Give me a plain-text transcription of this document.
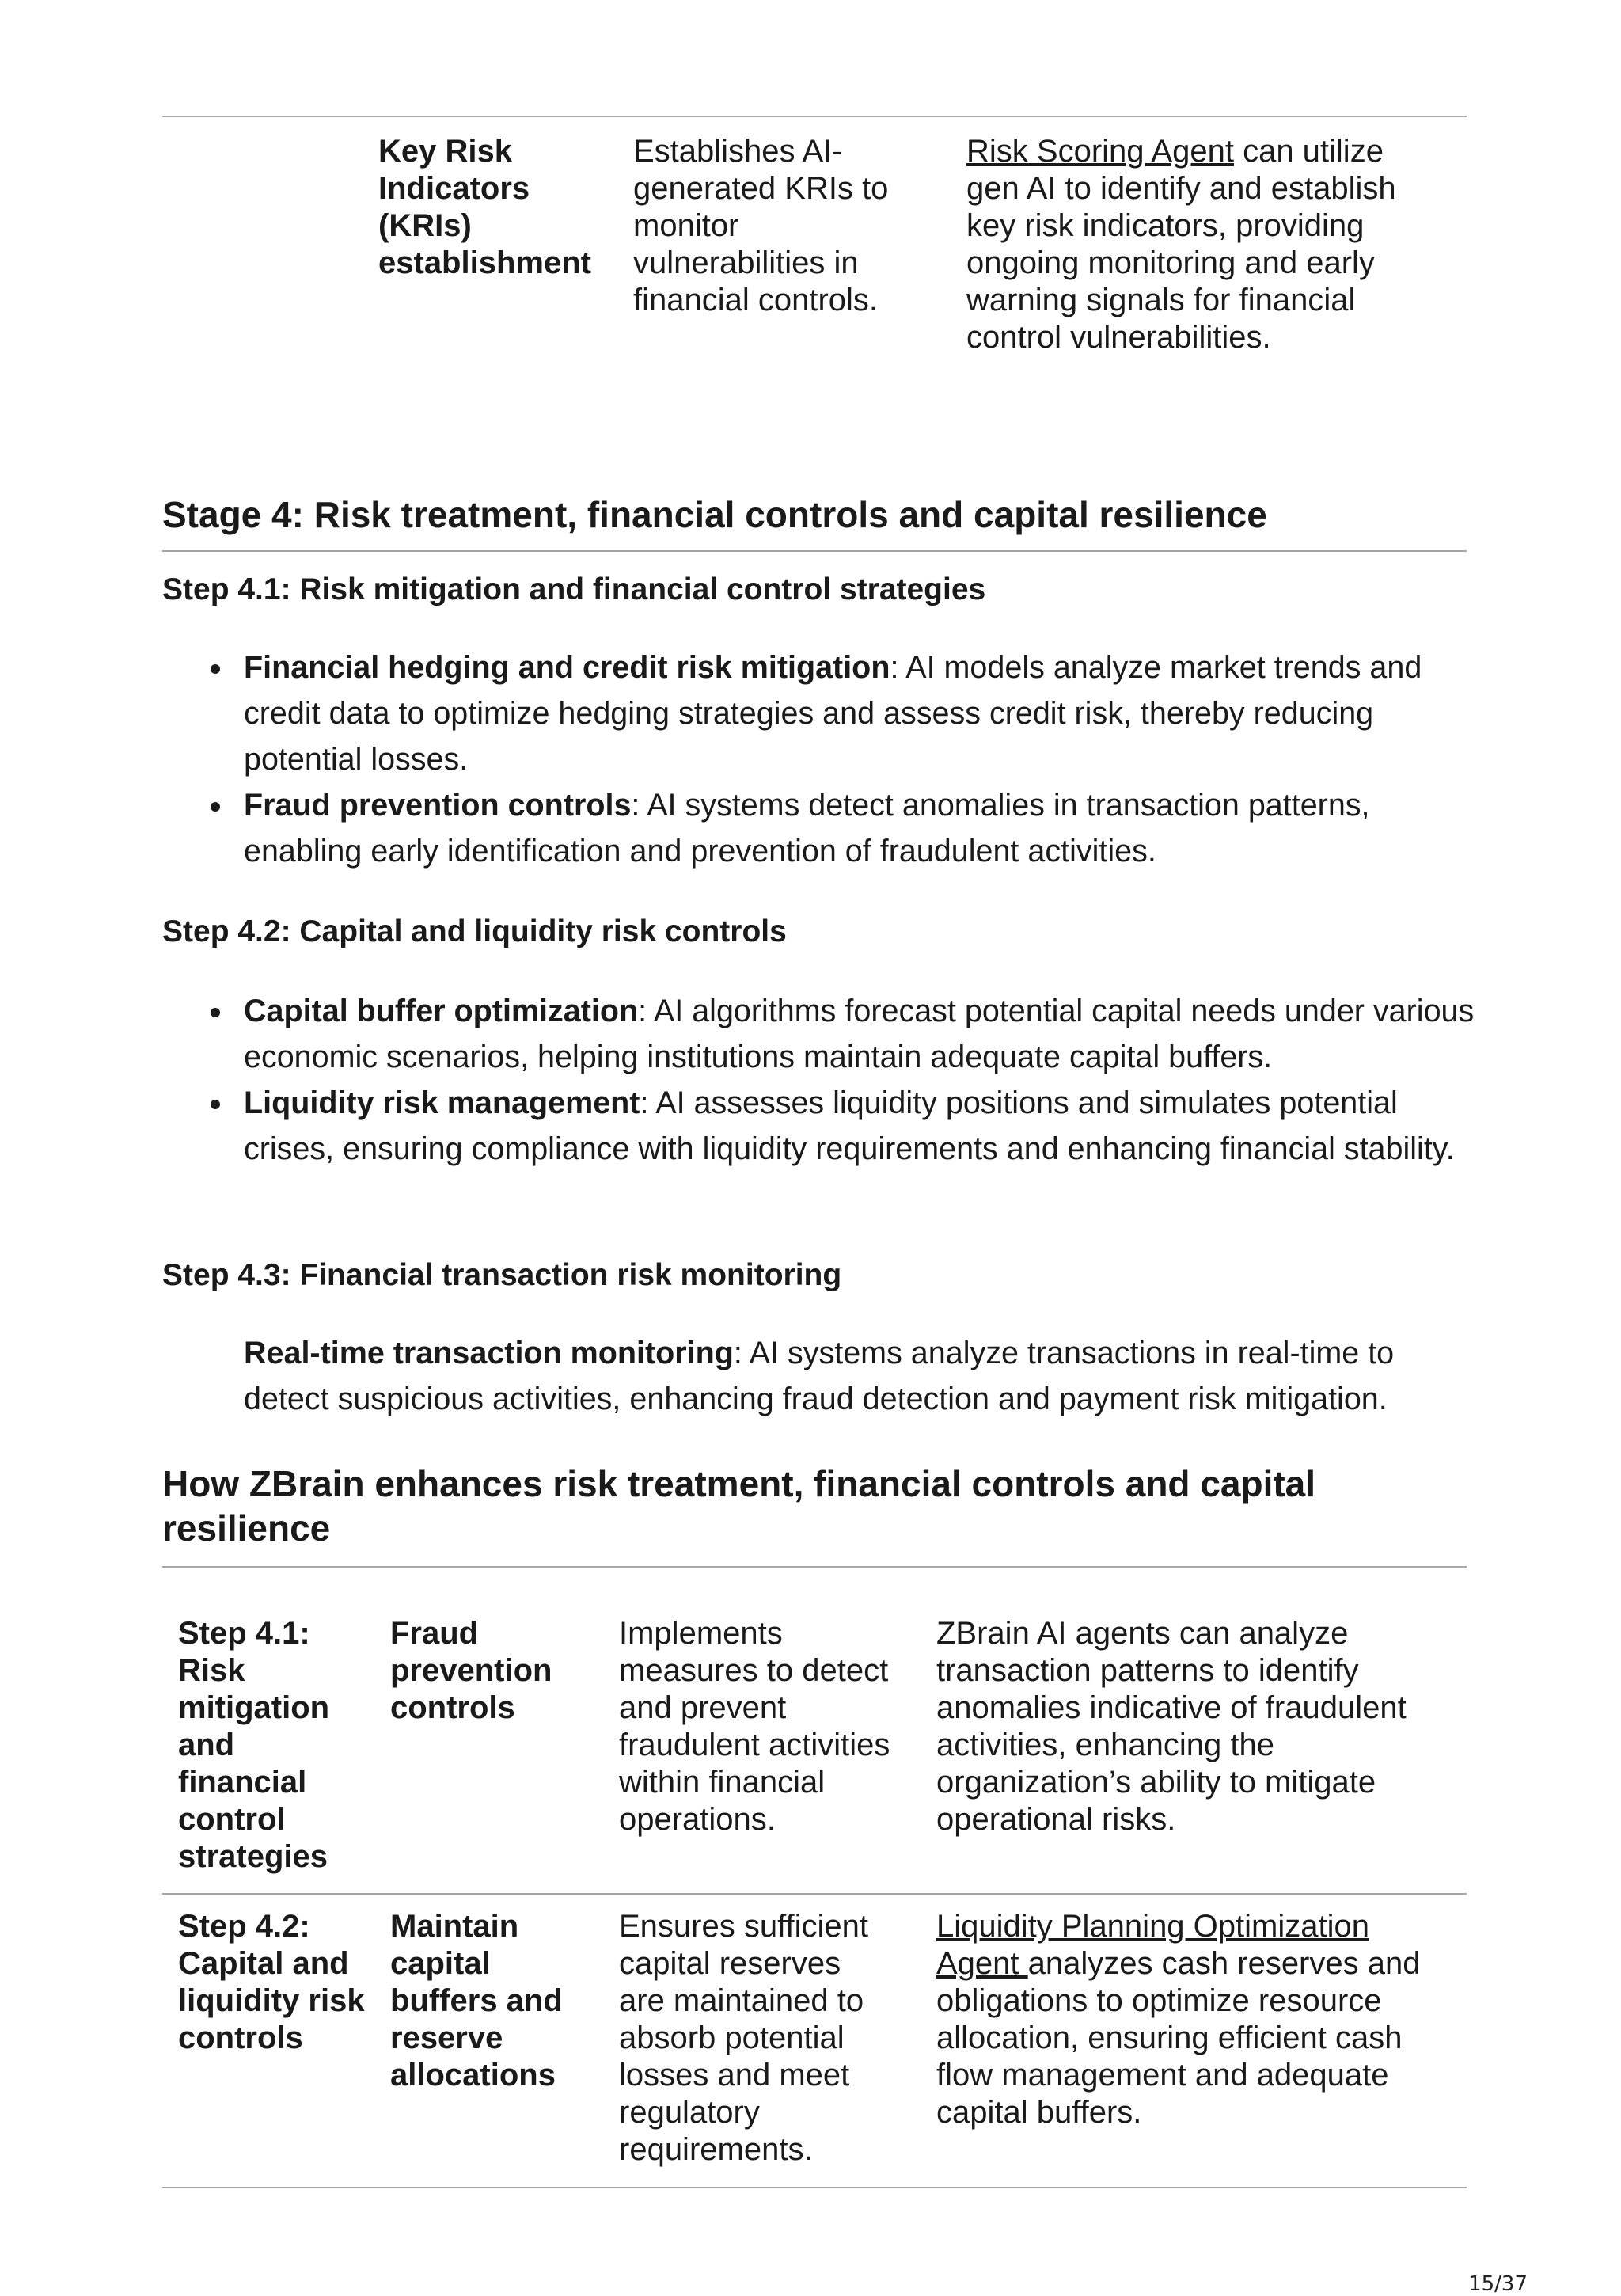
Key Risk Indicators (KRIs) establishment
Establishes AI-generated KRIs to monitor vulnerabilities in financial controls.
Risk Scoring Agent can utilize gen AI to identify and establish key risk indicators, providing ongoing monitoring and early warning signals for financial control vulnerabilities.
Stage 4: Risk treatment, financial controls and capital resilience
Step 4.1: Risk mitigation and financial control strategies
Financial hedging and credit risk mitigation: AI models analyze market trends and credit data to optimize hedging strategies and assess credit risk, thereby reducing potential losses.
Fraud prevention controls: AI systems detect anomalies in transaction patterns, enabling early identification and prevention of fraudulent activities.
Step 4.2: Capital and liquidity risk controls
Capital buffer optimization: AI algorithms forecast potential capital needs under various economic scenarios, helping institutions maintain adequate capital buffers.
Liquidity risk management: AI assesses liquidity positions and simulates potential crises, ensuring compliance with liquidity requirements and enhancing financial stability.
Step 4.3: Financial transaction risk monitoring
Real-time transaction monitoring: AI systems analyze transactions in real-time to detect suspicious activities, enhancing fraud detection and payment risk mitigation.
How ZBrain enhances risk treatment, financial controls and capital resilience
Step 4.1: Risk mitigation and financial control strategies
Fraud prevention controls
Implements measures to detect and prevent fraudulent activities within financial operations.
ZBrain AI agents can analyze transaction patterns to identify anomalies indicative of fraudulent activities, enhancing the organization’s ability to mitigate operational risks.
Step 4.2: Capital and liquidity risk controls
Maintain capital buffers and reserve allocations
Ensures sufficient capital reserves are maintained to absorb potential losses and meet regulatory requirements.
Liquidity Planning Optimization Agent analyzes cash reserves and obligations to optimize resource allocation, ensuring efficient cash flow management and adequate capital buffers.
15/37
